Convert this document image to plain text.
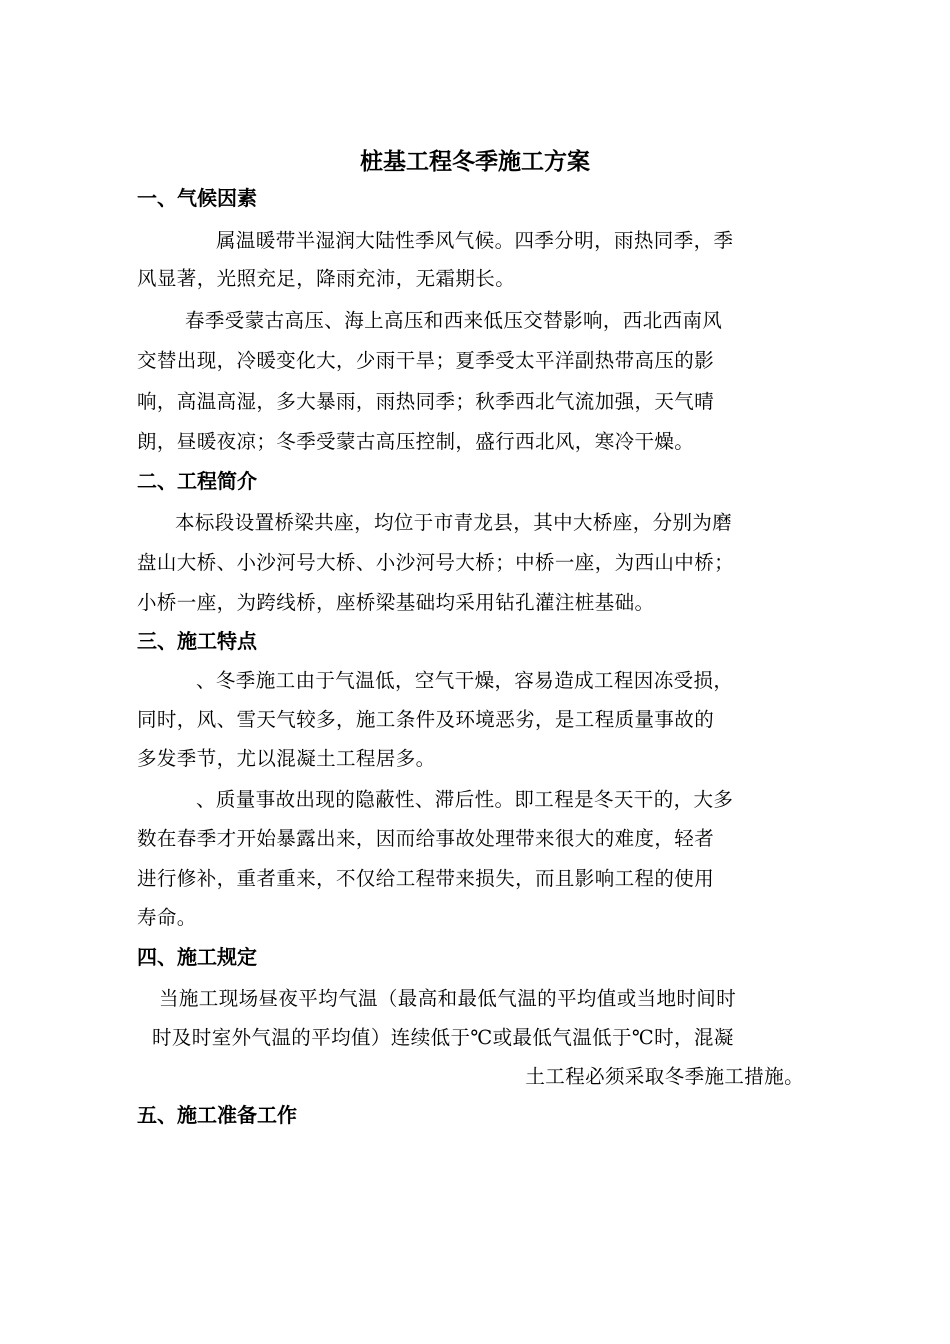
桩基工程冬季施工方案
一、气候因素
属温暖带半湿润大陆性季风气候。四季分明，雨热同季，季
风显著，光照充足，降雨充沛，无霜期长。
春季受蒙古高压、海上高压和西来低压交替影响，西北西南风
交替出现，冷暖变化大，少雨干旱；夏季受太平洋副热带高压的影
响，高温高湿，多大暴雨，雨热同季；秋季西北气流加强，天气晴
朗，昼暖夜凉；冬季受蒙古高压控制，盛行西北风，寒冷干燥。
二、工程简介
本标段设置桥梁共座，均位于市青龙县，其中大桥座，分别为磨
盘山大桥、小沙河号大桥、小沙河号大桥；中桥一座，为西山中桥；
小桥一座，为跨线桥，座桥梁基础均采用钻孔灌注桩基础。
三、施工特点
、冬季施工由于气温低，空气干燥，容易造成工程因冻受损，
同时，风、雪天气较多，施工条件及环境恶劣，是工程质量事故的
多发季节，尤以混凝土工程居多。
、质量事故出现的隐蔽性、滞后性。即工程是冬天干的，大多
数在春季才开始暴露出来，因而给事故处理带来很大的难度，轻者
进行修补，重者重来，不仅给工程带来损失，而且影响工程的使用
寿命。
四、施工规定
当施工现场昼夜平均气温（最高和最低气温的平均值或当地时间时
时及时室外气温的平均值）连续低于℃或最低气温低于℃时，混凝
土工程必须采取冬季施工措施。
五、施工准备工作
